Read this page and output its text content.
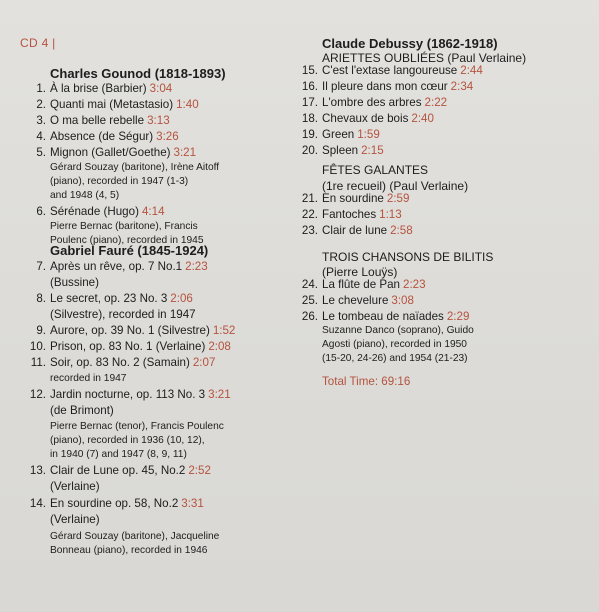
CD 4 |
Charles Gounod (1818-1893)
1. À la brise (Barbier) 3:04
2. Quanti mai (Metastasio) 1:40
3. O ma belle rebelle 3:13
4. Absence (de Ségur) 3:26
5. Mignon (Gallet/Goethe) 3:21
Gérard Souzay (baritone), Irène Aitoff
(piano), recorded in 1947 (1-3)
and 1948 (4, 5)
6. Sérénade (Hugo) 4:14
Pierre Bernac (baritone), Francis
Poulenc (piano), recorded in 1945
Gabriel Fauré (1845-1924)
7. Après un rêve, op. 7 No.1 2:23
(Bussine)
8. Le secret, op. 23 No. 3 2:06
(Silvestre), recorded in 1947
9. Aurore, op. 39 No. 1 (Silvestre) 1:52
10. Prison, op. 83 No. 1 (Verlaine) 2:08
11. Soir, op. 83 No. 2 (Samain) 2:07
recorded in 1947
12. Jardin nocturne, op. 113 No. 3 3:21
(de Brimont)
Pierre Bernac (tenor), Francis Poulenc
(piano), recorded in 1936 (10, 12),
in 1940 (7) and 1947 (8, 9, 11)
13. Clair de Lune op. 45, No.2 2:52
(Verlaine)
14. En sourdine op. 58, No.2 3:31
(Verlaine)
Gérard Souzay (baritone), Jacqueline
Bonneau (piano), recorded in 1946
Claude Debussy (1862-1918)
ARIETTES OUBLIÉES (Paul Verlaine)
15. C'est l'extase langoureuse 2:44
16. Il pleure dans mon cœur 2:34
17. L'ombre des arbres 2:22
18. Chevaux de bois 2:40
19. Green 1:59
20. Spleen 2:15
FÊTES GALANTES
(1re recueil) (Paul Verlaine)
21. En sourdine 2:59
22. Fantoches 1:13
23. Clair de lune 2:58
TROIS CHANSONS DE BILITIS
(Pierre Louÿs)
24. La flûte de Pan 2:23
25. Le chevelure 3:08
26. Le tombeau de naïades 2:29
Suzanne Danco (soprano), Guido
Agosti (piano), recorded in 1950
(15-20, 24-26) and 1954 (21-23)
Total Time: 69:16
